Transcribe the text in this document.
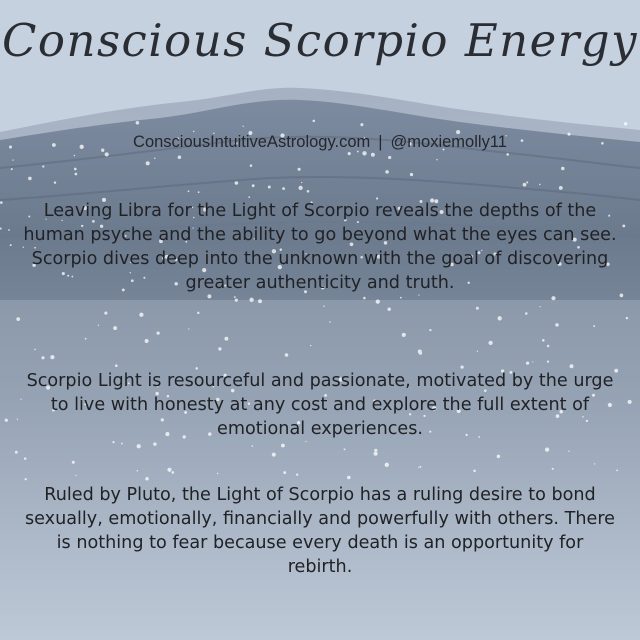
Conscious Scorpio Energy
ConsciousIntuitiveAstrology.com | @moxiemolly11

Leaving Libra for the Light of Scorpio reveals the depths of the human psyche and the ability to go beyond what the eyes can see. Scorpio dives deep into the unknown with the goal of discovering greater authenticity and truth.

Scorpio Light is resourceful and passionate, motivated by the urge to live with honesty at any cost and explore the full extent of emotional experiences.

Ruled by Pluto, the Light of Scorpio has a ruling desire to bond sexually, emotionally, financially and powerfully with others. There is nothing to fear because every death is an opportunity for rebirth.
